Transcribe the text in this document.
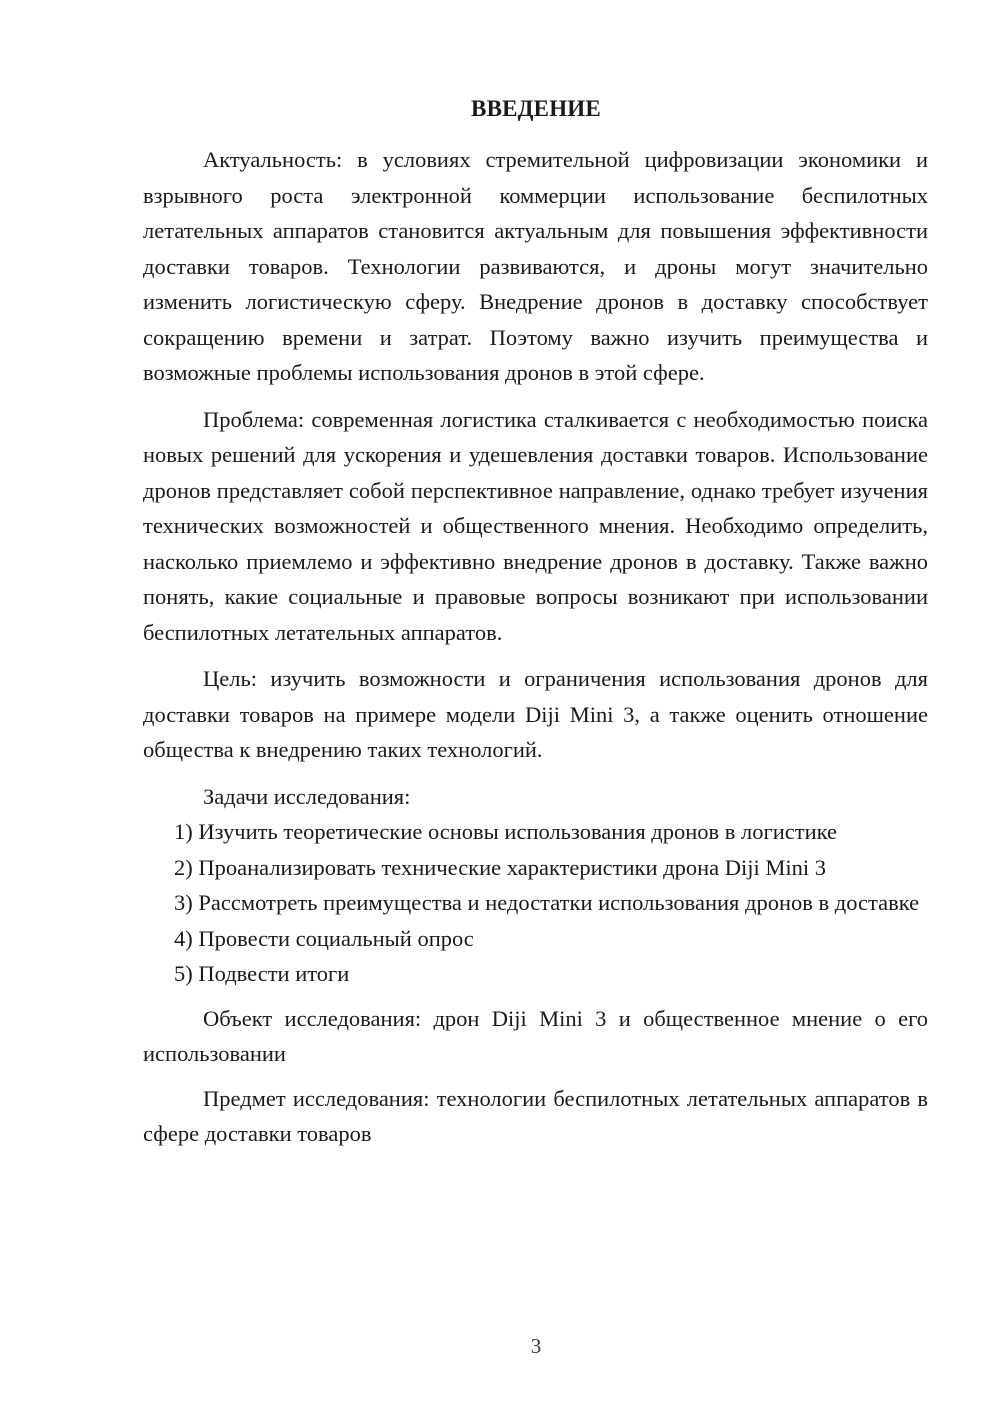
ВВЕДЕНИЕ

Актуальность: в условиях стремительной цифровизации экономики и взрывного роста электронной коммерции использование беспилотных летательных аппаратов становится актуальным для повышения эффективности доставки товаров. Технологии развиваются, и дроны могут значительно изменить логистическую сферу. Внедрение дронов в доставку способствует сокращению времени и затрат. Поэтому важно изучить преимущества и возможные проблемы использования дронов в этой сфере.

Проблема: современная логистика сталкивается с необходимостью поиска новых решений для ускорения и удешевления доставки товаров. Использование дронов представляет собой перспективное направление, однако требует изучения технических возможностей и общественного мнения. Необходимо определить, насколько приемлемо и эффективно внедрение дронов в доставку. Также важно понять, какие социальные и правовые вопросы возникают при использовании беспилотных летательных аппаратов.

Цель: изучить возможности и ограничения использования дронов для доставки товаров на примере модели Diji Mini 3, а также оценить отношение общества к внедрению таких технологий.

Задачи исследования:

1) Изучить теоретические основы использования дронов в логистике

2) Проанализировать технические характеристики дрона Diji Mini 3

3) Рассмотреть преимущества и недостатки использования дронов в доставке

4) Провести социальный опрос

5) Подвести итоги

Объект исследования: дрон Diji Mini 3 и общественное мнение о его использовании

Предмет исследования: технологии беспилотных летательных аппаратов в сфере доставки товаров

3
